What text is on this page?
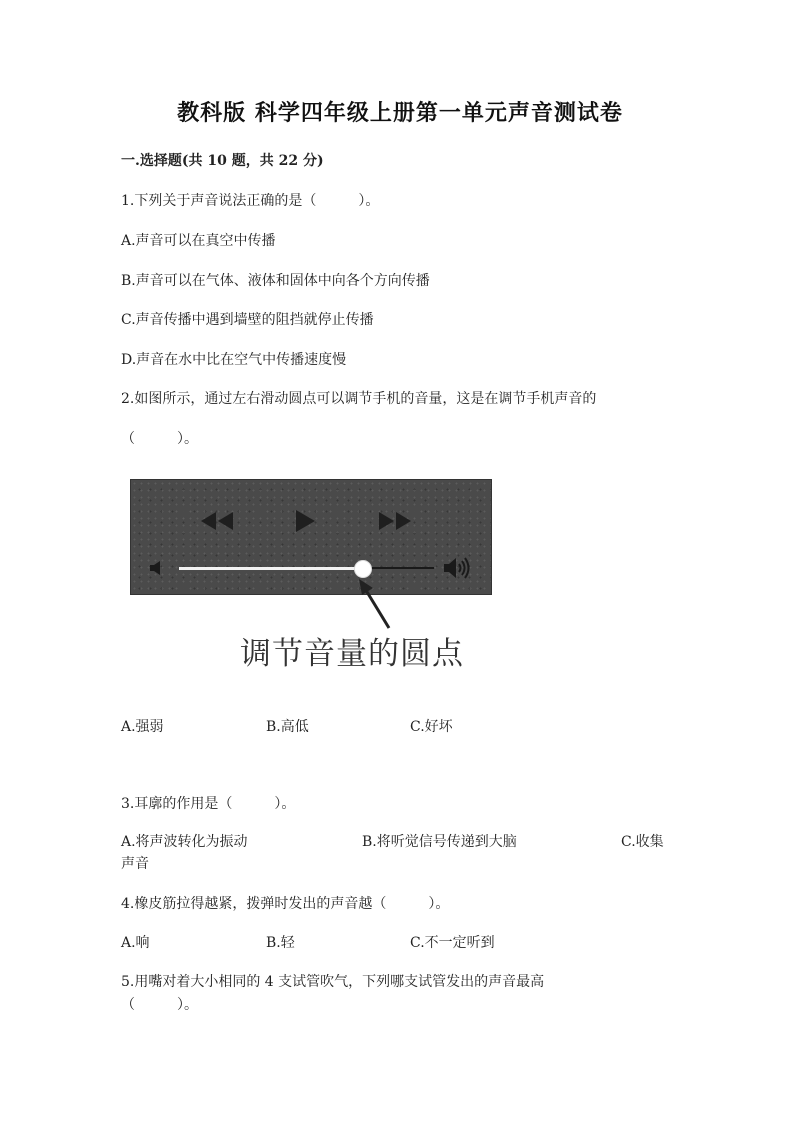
教科版 科学四年级上册第一单元声音测试卷
一.选择题(共 10 题，共 22 分)
1.下列关于声音说法正确的是（　　　）。
A.声音可以在真空中传播
B.声音可以在气体、液体和固体中向各个方向传播
C.声音传播中遇到墙壁的阻挡就停止传播
D.声音在水中比在空气中传播速度慢
2.如图所示，通过左右滑动圆点可以调节手机的音量，这是在调节手机声音的
（　　　）。
调节音量的圆点
A.强弱	B.高低	C.好坏
3.耳廓的作用是（　　　）。
A.将声波转化为振动	B.将听觉信号传递到大脑	C.收集
声音
4.橡皮筋拉得越紧，拨弹时发出的声音越（　　　）。
A.响	B.轻	C.不一定听到
5.用嘴对着大小相同的 4 支试管吹气，下列哪支试管发出的声音最高
（　　　）。
